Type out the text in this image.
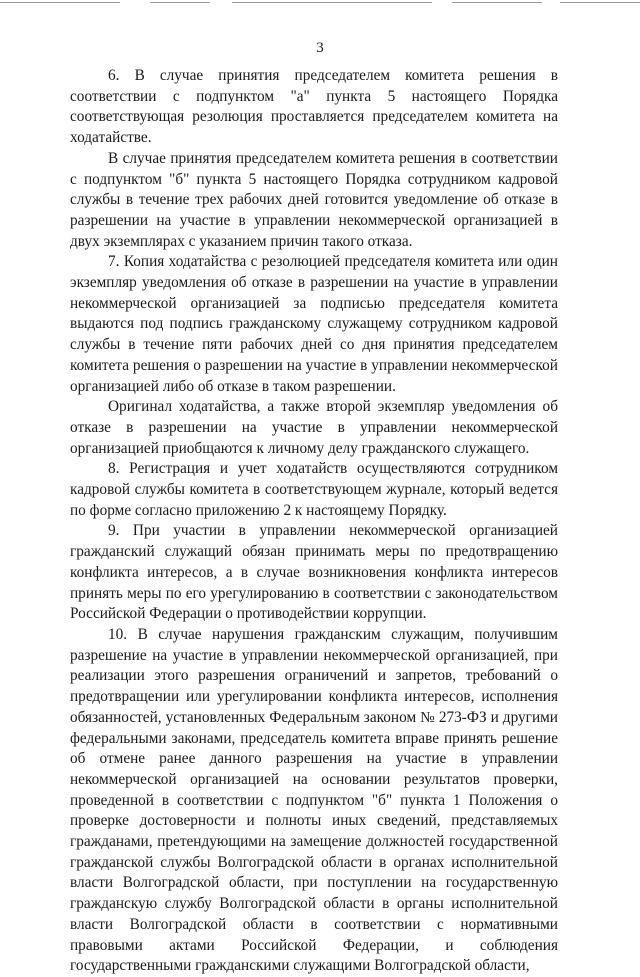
3

6. В случае принятия председателем комитета решения в соответствии с подпунктом "а" пункта 5 настоящего Порядка соответствующая резолюция проставляется председателем комитета на ходатайстве.

В случае принятия председателем комитета решения в соответствии с подпунктом "б" пункта 5 настоящего Порядка сотрудником кадровой службы в течение трех рабочих дней готовится уведомление об отказе в разрешении на участие в управлении некоммерческой организацией в двух экземплярах с указанием причин такого отказа.

7. Копия ходатайства с резолюцией председателя комитета или один экземпляр уведомления об отказе в разрешении на участие в управлении некоммерческой организацией за подписью председателя комитета выдаются под подпись гражданскому служащему сотрудником кадровой службы в течение пяти рабочих дней со дня принятия председателем комитета решения о разрешении на участие в управлении некоммерческой организацией либо об отказе в таком разрешении.

Оригинал ходатайства, а также второй экземпляр уведомления об отказе в разрешении на участие в управлении некоммерческой организацией приобщаются к личному делу гражданского служащего.

8. Регистрация и учет ходатайств осуществляются сотрудником кадровой службы комитета в соответствующем журнале, который ведется по форме согласно приложению 2 к настоящему Порядку.

9. При участии в управлении некоммерческой организацией гражданский служащий обязан принимать меры по предотвращению конфликта интересов, а в случае возникновения конфликта интересов принять меры по его урегулированию в соответствии с законодательством Российской Федерации о противодействии коррупции.

10. В случае нарушения гражданским служащим, получившим разрешение на участие в управлении некоммерческой организацией, при реализации этого разрешения ограничений и запретов, требований о предотвращении или урегулировании конфликта интересов, исполнения обязанностей, установленных Федеральным законом № 273-ФЗ и другими федеральными законами, председатель комитета вправе принять решение об отмене ранее данного разрешения на участие в управлении некоммерческой организацией на основании результатов проверки, проведенной в соответствии с подпунктом "б" пункта 1 Положения о проверке достоверности и полноты иных сведений, представляемых гражданами, претендующими на замещение должностей государственной гражданской службы Волгоградской области в органах исполнительной власти Волгоградской области, при поступлении на государственную гражданскую службу Волгоградской области в органы исполнительной власти Волгоградской области в соответствии с нормативными правовыми актами Российской Федерации, и соблюдения государственными гражданскими служащими Волгоградской области,
